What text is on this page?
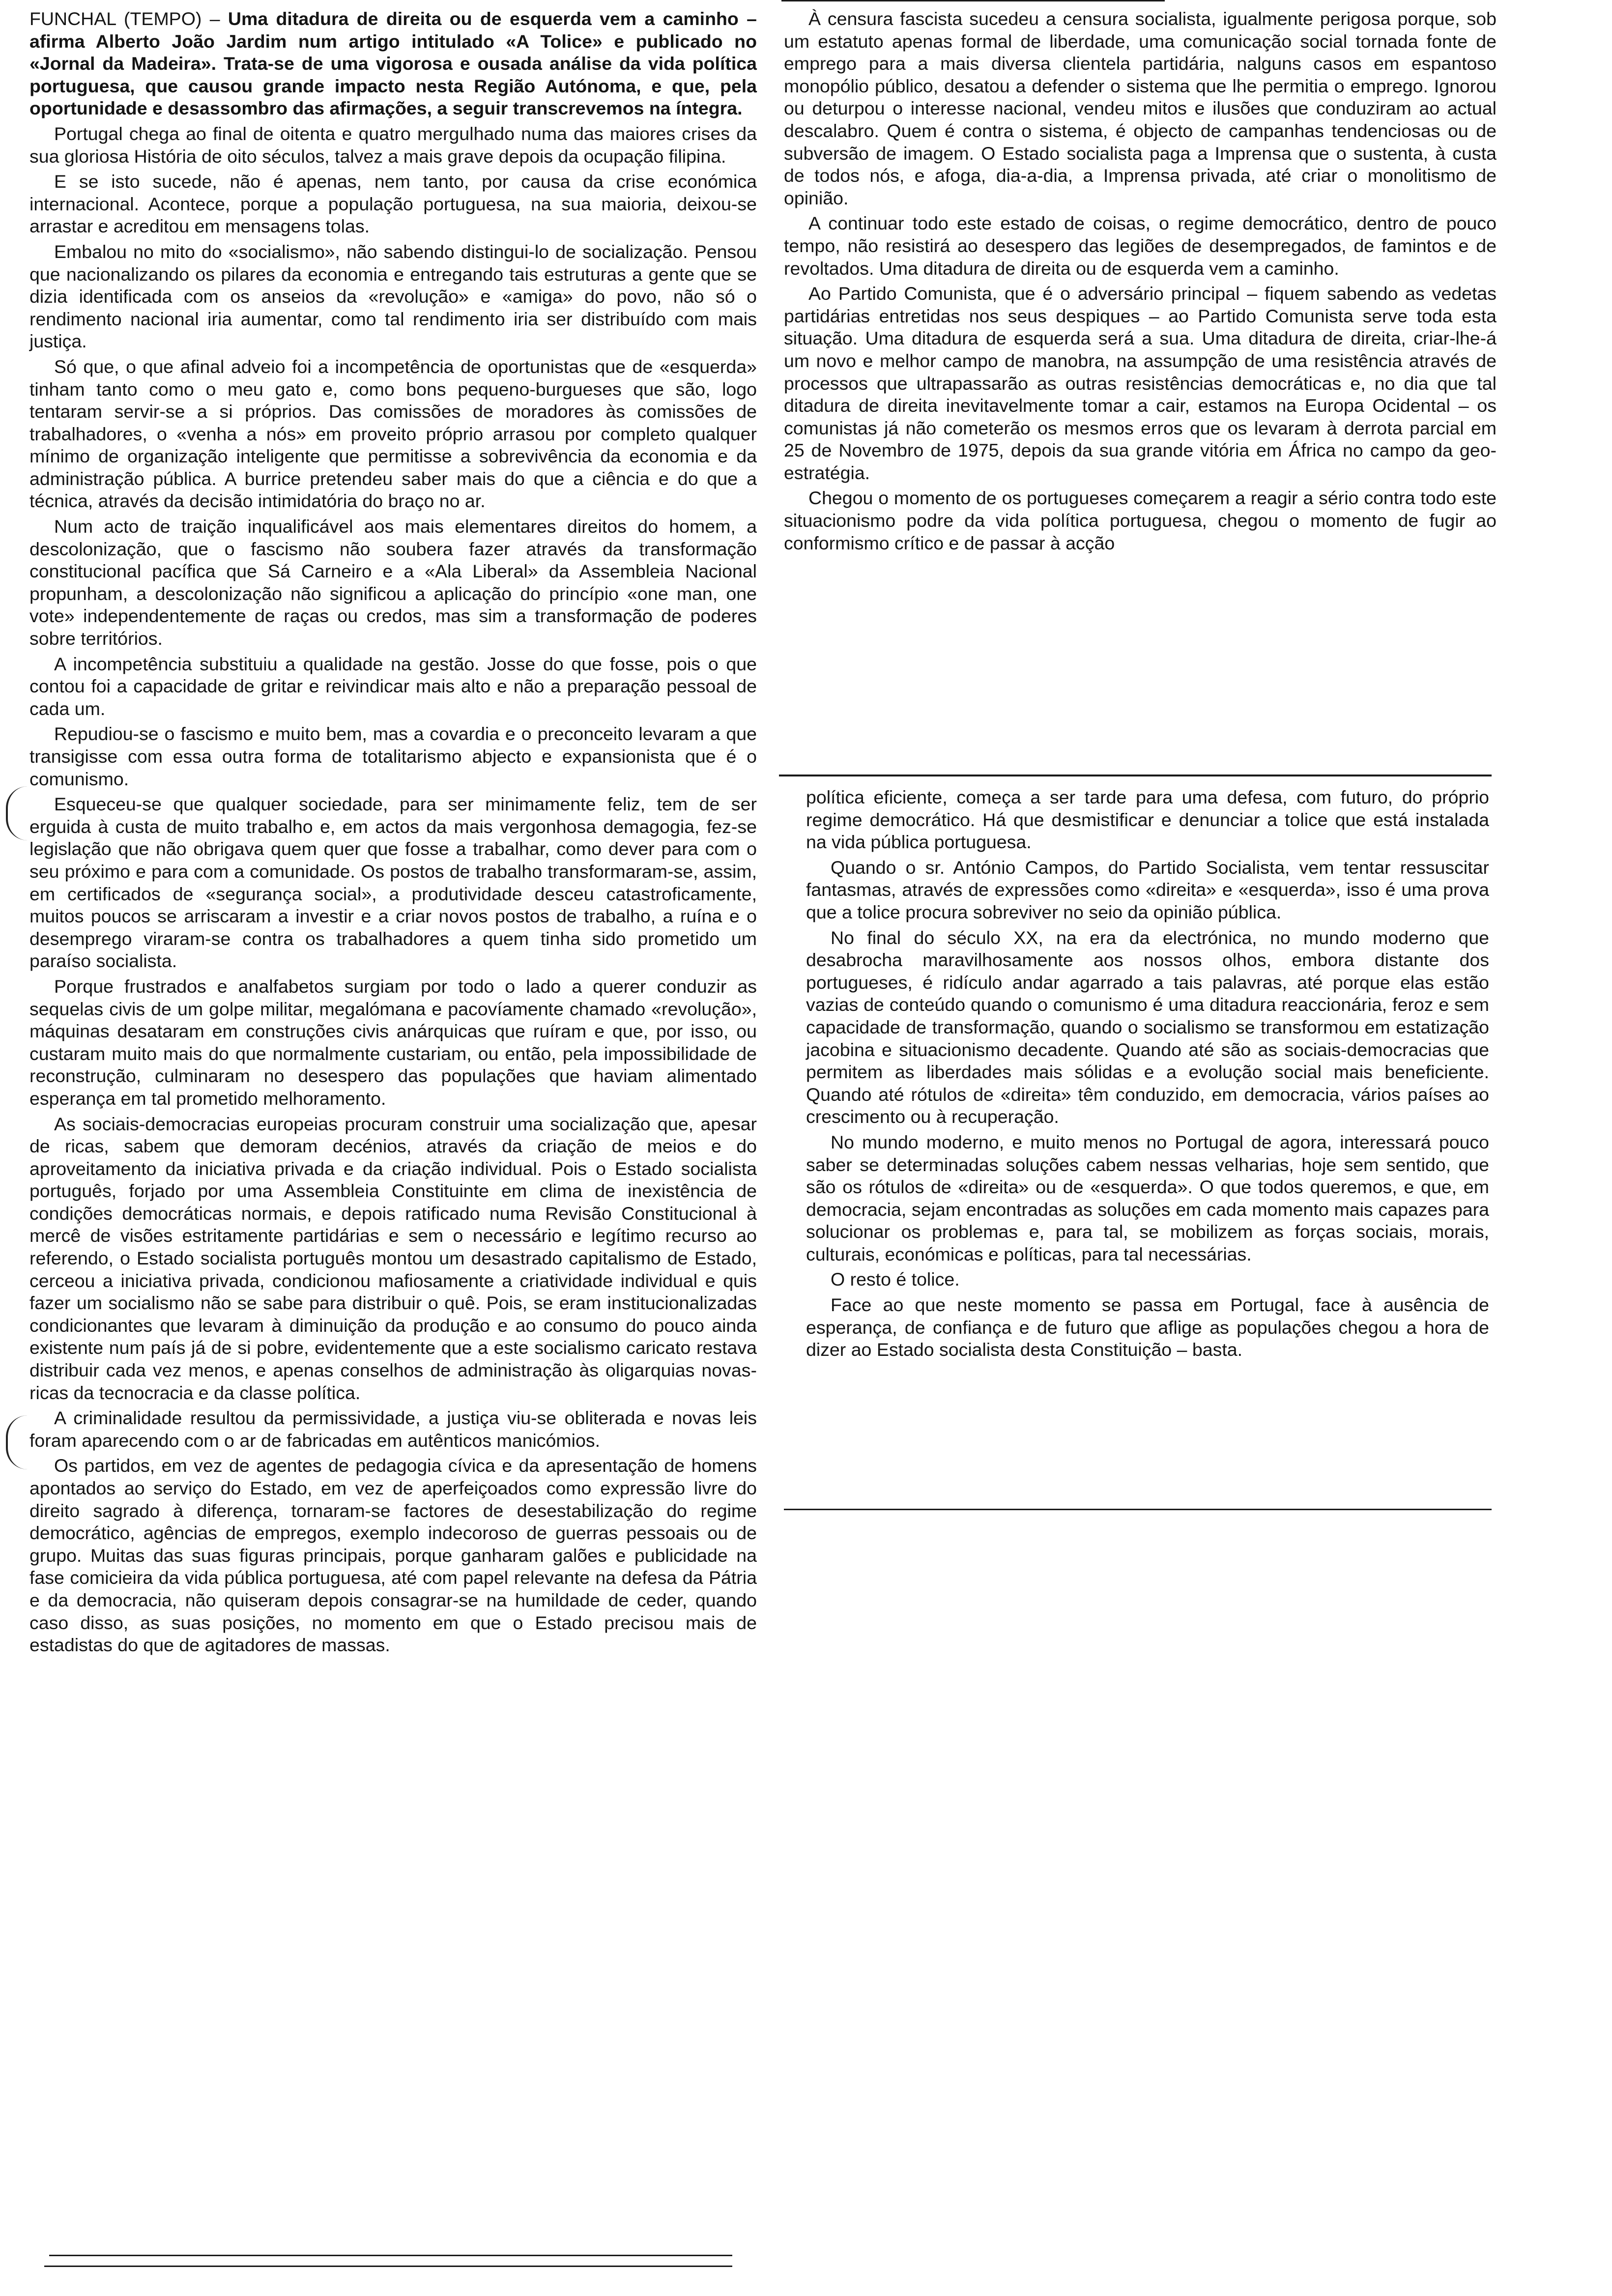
FUNCHAL (TEMPO) – Uma ditadura de direita ou de esquerda vem a caminho – afirma Alberto João Jardim num artigo intitulado «A Tolice» e publicado no «Jornal da Madeira». Trata-se de uma vigorosa e ousada análise da vida política portuguesa, que causou grande impacto nesta Região Autónoma, e que, pela oportunidade e desassombro das afirmações, a seguir transcrevemos na íntegra.

Portugal chega ao final de oitenta e quatro mergulhado numa das maiores crises da sua gloriosa História de oito séculos, talvez a mais grave depois da ocupação filipina.

E se isto sucede, não é apenas, nem tanto, por causa da crise económica internacional. Acontece, porque a população portuguesa, na sua maioria, deixou-se arrastar e acreditou em mensagens tolas.

Embalou no mito do «socialismo», não sabendo distingui-lo de socialização. Pensou que nacionalizando os pilares da economia e entregando tais estruturas a gente que se dizia identificada com os anseios da «revolução» e «amiga» do povo, não só o rendimento nacional iria aumentar, como tal rendimento iria ser distribuído com mais justiça.

Só que, o que afinal adveio foi a incompetência de oportunistas que de «esquerda» tinham tanto como o meu gato e, como bons pequeno-burgueses que são, logo tentaram servir-se a si próprios. Das comissões de moradores às comissões de trabalhadores, o «venha a nós» em proveito próprio arrasou por completo qualquer mínimo de organização inteligente que permitisse a sobrevivência da economia e da administração pública. A burrice pretendeu saber mais do que a ciência e do que a técnica, através da decisão intimidatória do braço no ar.

Num acto de traição inqualificável aos mais elementares direitos do homem, a descolonização, que o fascismo não soubera fazer através da transformação constitucional pacífica que Sá Carneiro e a «Ala Liberal» da Assembleia Nacional propunham, a descolonização não significou a aplicação do princípio «one man, one vote» independentemente de raças ou credos, mas sim a transformação de poderes sobre territórios.

A incompetência substituiu a qualidade na gestão. Josse do que fosse, pois o que contou foi a capacidade de gritar e reivindicar mais alto e não a preparação pessoal de cada um.

Repudiou-se o fascismo e muito bem, mas a covardia e o preconceito levaram a que transigisse com essa outra forma de totalitarismo abjecto e expansionista que é o comunismo.

Esqueceu-se que qualquer sociedade, para ser minimamente feliz, tem de ser erguida à custa de muito trabalho e, em actos da mais vergonhosa demagogia, fez-se legislação que não obrigava quem quer que fosse a trabalhar, como dever para com o seu próximo e para com a comunidade. Os postos de trabalho transformaram-se, assim, em certificados de «segurança social», a produtividade desceu catastroficamente, muitos poucos se arriscaram a investir e a criar novos postos de trabalho, a ruína e o desemprego viraram-se contra os trabalhadores a quem tinha sido prometido um paraíso socialista.

Porque frustrados e analfabetos surgiam por todo o lado a querer conduzir as sequelas civis de um golpe militar, megalómana e pacovíamente chamado «revolução», máquinas desataram em construções civis anárquicas que ruíram e que, por isso, ou custaram muito mais do que normalmente custariam, ou então, pela impossibilidade de reconstrução, culminaram no desespero das populações que haviam alimentado esperança em tal prometido melhoramento.

As sociais-democracias europeias procuram construir uma socialização que, apesar de ricas, sabem que demoram decénios, através da criação de meios e do aproveitamento da iniciativa privada e da criação individual. Pois o Estado socialista português, forjado por uma Assembleia Constituinte em clima de inexistência de condições democráticas normais, e depois ratificado numa Revisão Constitucional à mercê de visões estritamente partidárias e sem o necessário e legítimo recurso ao referendo, o Estado socialista português montou um desastrado capitalismo de Estado, cerceou a iniciativa privada, condicionou mafiosamente a criatividade individual e quis fazer um socialismo não se sabe para distribuir o quê. Pois, se eram institucionalizadas condicionantes que levaram à diminuição da produção e ao consumo do pouco ainda existente num país já de si pobre, evidentemente que a este socialismo caricato restava distribuir cada vez menos, e apenas conselhos de administração às oligarquias novas-ricas da tecnocracia e da classe política.

A criminalidade resultou da permissividade, a justiça viu-se obliterada e novas leis foram aparecendo com o ar de fabricadas em autênticos manicómios.

Os partidos, em vez de agentes de pedagogia cívica e da apresentação de homens apontados ao serviço do Estado, em vez de aperfeiçoados como expressão livre do direito sagrado à diferença, tornaram-se factores de desestabilização do regime democrático, agências de empregos, exemplo indecoroso de guerras pessoais ou de grupo. Muitas das suas figuras principais, porque ganharam galões e publicidade na fase comicieira da vida pública portuguesa, até com papel relevante na defesa da Pátria e da democracia, não quiseram depois consagrar-se na humildade de ceder, quando caso disso, as suas posições, no momento em que o Estado precisou mais de estadistas do que de agitadores de massas.

À censura fascista sucedeu a censura socialista, igualmente perigosa porque, sob um estatuto apenas formal de liberdade, uma comunicação social tornada fonte de emprego para a mais diversa clientela partidária, nalguns casos em espantoso monopólio público, desatou a defender o sistema que lhe permitia o emprego. Ignorou ou deturpou o interesse nacional, vendeu mitos e ilusões que conduziram ao actual descalabro. Quem é contra o sistema, é objecto de campanhas tendenciosas ou de subversão de imagem. O Estado socialista paga a Imprensa que o sustenta, à custa de todos nós, e afoga, dia-a-dia, a Imprensa privada, até criar o monolitismo de opinião.

A continuar todo este estado de coisas, o regime democrático, dentro de pouco tempo, não resistirá ao desespero das legiões de desempregados, de famintos e de revoltados. Uma ditadura de direita ou de esquerda vem a caminho.

Ao Partido Comunista, que é o adversário principal – fiquem sabendo as vedetas partidárias entretidas nos seus despiques – ao Partido Comunista serve toda esta situação. Uma ditadura de esquerda será a sua. Uma ditadura de direita, criar-lhe-á um novo e melhor campo de manobra, na assumpção de uma resistência através de processos que ultrapassarão as outras resistências democráticas e, no dia que tal ditadura de direita inevitavelmente tomar a cair, estamos na Europa Ocidental – os comunistas já não cometerão os mesmos erros que os levaram à derrota parcial em 25 de Novembro de 1975, depois da sua grande vitória em África no campo da geo-estratégia.

Chegou o momento de os portugueses começarem a reagir a sério contra todo este situacionismo podre da vida política portuguesa, chegou o momento de fugir ao conformismo crítico e de passar à acção

política eficiente, começa a ser tarde para uma defesa, com futuro, do próprio regime democrático. Há que desmistificar e denunciar a tolice que está instalada na vida pública portuguesa.

Quando o sr. António Campos, do Partido Socialista, vem tentar ressuscitar fantasmas, através de expressões como «direita» e «esquerda», isso é uma prova que a tolice procura sobreviver no seio da opinião pública.

No final do século XX, na era da electrónica, no mundo moderno que desabrocha maravilhosamente aos nossos olhos, embora distante dos portugueses, é ridículo andar agarrado a tais palavras, até porque elas estão vazias de conteúdo quando o comunismo é uma ditadura reaccionária, feroz e sem capacidade de transformação, quando o socialismo se transformou em estatização jacobina e situacionismo decadente. Quando até são as sociais-democracias que permitem as liberdades mais sólidas e a evolução social mais beneficiente. Quando até rótulos de «direita» têm conduzido, em democracia, vários países ao crescimento ou à recuperação.

No mundo moderno, e muito menos no Portugal de agora, interessará pouco saber se determinadas soluções cabem nessas velharias, hoje sem sentido, que são os rótulos de «direita» ou de «esquerda». O que todos queremos, e que, em democracia, sejam encontradas as soluções em cada momento mais capazes para solucionar os problemas e, para tal, se mobilizem as forças sociais, morais, culturais, económicas e políticas, para tal necessárias.

O resto é tolice.

Face ao que neste momento se passa em Portugal, face à ausência de esperança, de confiança e de futuro que aflige as populações chegou a hora de dizer ao Estado socialista desta Constituição – basta.
